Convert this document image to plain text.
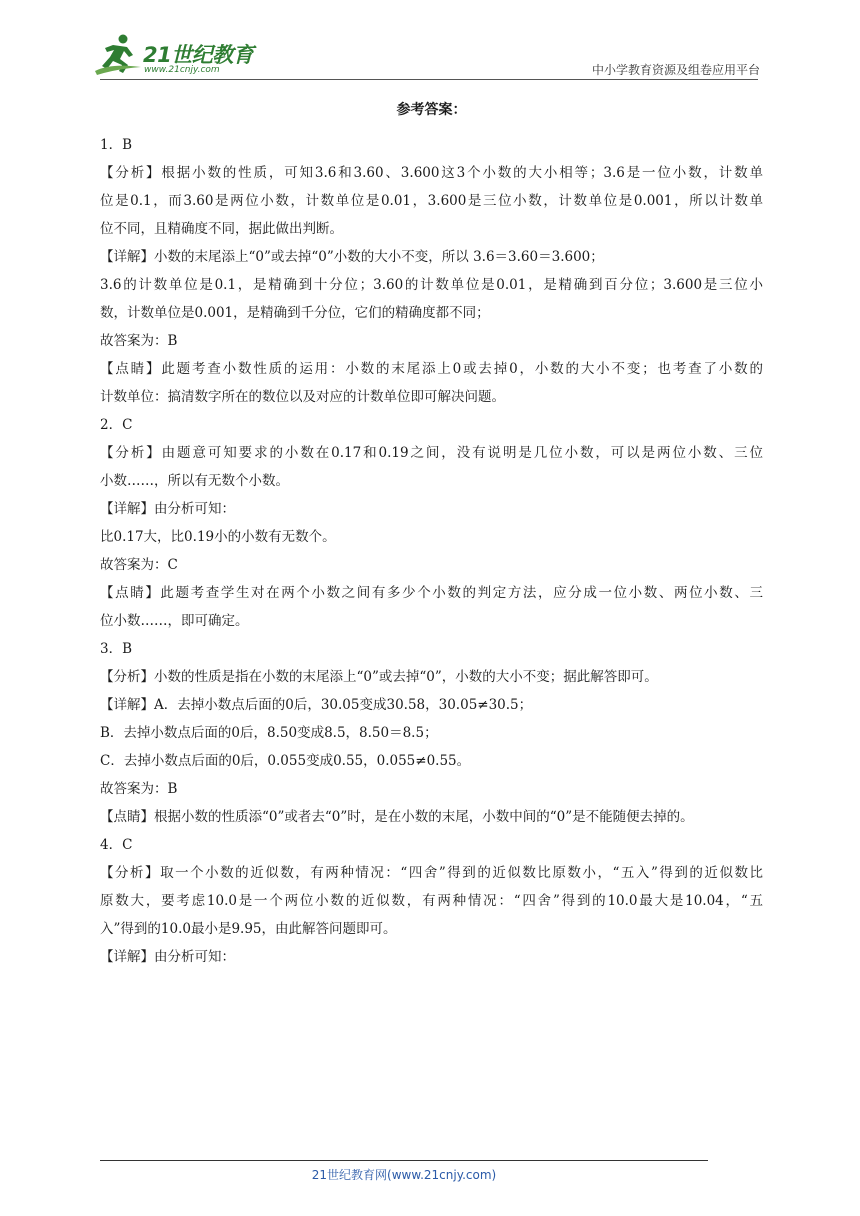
21世纪教育
www.21cnjy.com	中小学教育资源及组卷应用平台
参考答案：

1．B

【分析】根据小数的性质，可知3.6和3.60、3.600这3个小数的大小相等；3.6是一位小数，计数单

位是0.1，而3.60是两位小数，计数单位是0.01，3.600是三位小数，计数单位是0.001，所以计数单

位不同，且精确度不同，据此做出判断。

【详解】小数的末尾添上“0”或去掉“0”小数的大小不变，所以 3.6＝3.60＝3.600；

3.6的计数单位是0.1，是精确到十分位；3.60的计数单位是0.01，是精确到百分位；3.600是三位小

数，计数单位是0.001，是精确到千分位，它们的精确度都不同；

故答案为：B

【点睛】此题考查小数性质的运用：小数的末尾添上0或去掉0，小数的大小不变；也考查了小数的

计数单位：搞清数字所在的数位以及对应的计数单位即可解决问题。

2．C

【分析】由题意可知要求的小数在0.17和0.19之间，没有说明是几位小数，可以是两位小数、三位

小数……，所以有无数个小数。

【详解】由分析可知：

比0.17大，比0.19小的小数有无数个。

故答案为：C

【点睛】此题考查学生对在两个小数之间有多少个小数的判定方法，应分成一位小数、两位小数、三

位小数……，即可确定。

3．B

【分析】小数的性质是指在小数的末尾添上“0”或去掉“0”，小数的大小不变；据此解答即可。

【详解】A．去掉小数点后面的0后，30.05变成30.58，30.05≠30.5；

B．去掉小数点后面的0后，8.50变成8.5，8.50＝8.5；

C．去掉小数点后面的0后，0.055变成0.55，0.055≠0.55。

故答案为：B

【点睛】根据小数的性质添“0”或者去“0”时，是在小数的末尾，小数中间的“0”是不能随便去掉的。

4．C

【分析】取一个小数的近似数，有两种情况：“四舍”得到的近似数比原数小，“五入”得到的近似数比

原数大，要考虑10.0是一个两位小数的近似数，有两种情况：“四舍”得到的10.0最大是10.04，“五

入”得到的10.0最小是9.95，由此解答问题即可。

【详解】由分析可知：

21世纪教育网(www.21cnjy.com)
